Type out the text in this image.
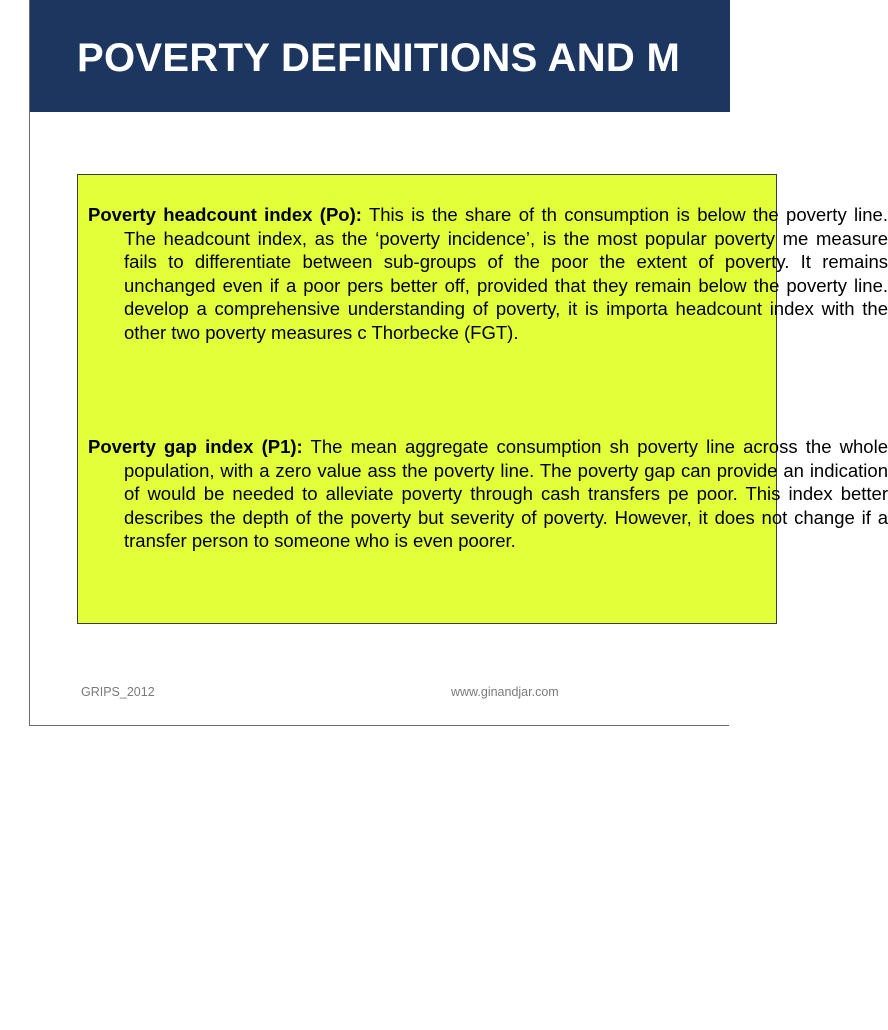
POVERTY DEFINITIONS AND M

Poverty headcount index (Po): This is the share of th consumption is below the poverty line. The headcount index, as the ‘poverty incidence’, is the most popular poverty me measure fails to differentiate between sub-groups of the poor the extent of poverty. It remains unchanged even if a poor pers better off, provided that they remain below the poverty line. develop a comprehensive understanding of poverty, it is importa headcount index with the other two poverty measures c Thorbecke (FGT).

Poverty gap index (P1): The mean aggregate consumption sh poverty line across the whole population, with a zero value ass the poverty line. The poverty gap can provide an indication of would be needed to alleviate poverty through cash transfers pe poor. This index better describes the depth of the poverty but severity of poverty. However, it does not change if a transfer person to someone who is even poorer.

GRIPS_2012	www.ginandjar.com
